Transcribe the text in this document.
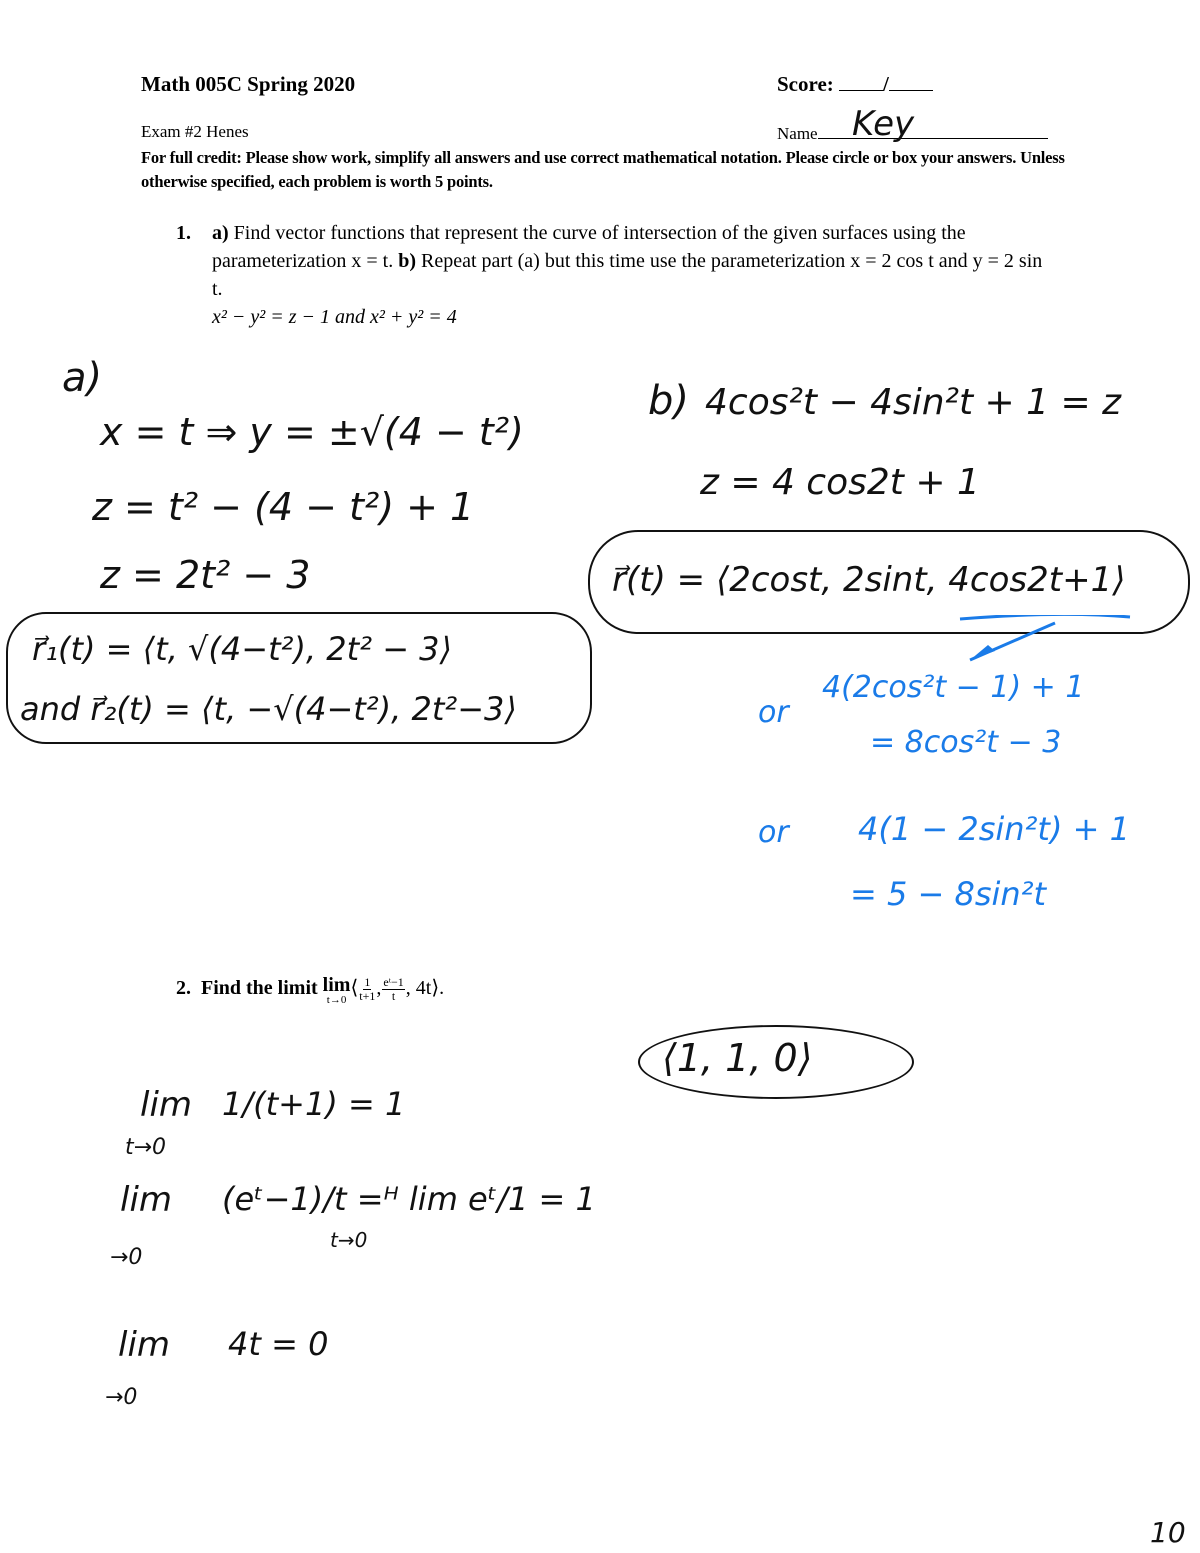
Math 005C Spring 2020	Score: /
Exam #2 Henes	Name	Key
For full credit: Please show work, simplify all answers and use correct mathematical notation. Please circle or box your answers. Unless otherwise specified, each problem is worth 5 points.
1. a) Find vector functions that represent the curve of intersection of the given surfaces using the parameterization x = t. b) Repeat part (a) but this time use the parameterization x = 2 cos t and y = 2 sin t.
x² − y² = z − 1 and x² + y² = 4
a)
x = t ⇒ y = ±√(4 − t²)
z = t² − (4 − t²) + 1
z = 2t² − 3
r⃗₁(t) = ⟨t, √(4−t²), 2t² − 3⟩
and r⃗₂(t) = ⟨t, −√(4−t²), 2t²−3⟩
b) 4cos²t − 4sin²t + 1 = z
z = 4 cos2t + 1
r⃗(t) = ⟨2cost, 2sint, 4cos2t+1⟩
or
4(2cos²t − 1) + 1
= 8cos²t − 3
or 4(1 − 2sin²t) + 1
= 5 − 8sin²t
2. Find the limit lim
t→0
⟨ $\frac{1}{t+1}$ , $\frac{\text{eᵗ−1}}{t}$ , 4t⟩.
⟨1, 1, 0⟩
lim
t→0
1/(t+1) = 1
lim
→0
(eᵗ−1)/t =ᴴ lim eᵗ/1 = 1
t→0
lim
→0
4t = 0
10
